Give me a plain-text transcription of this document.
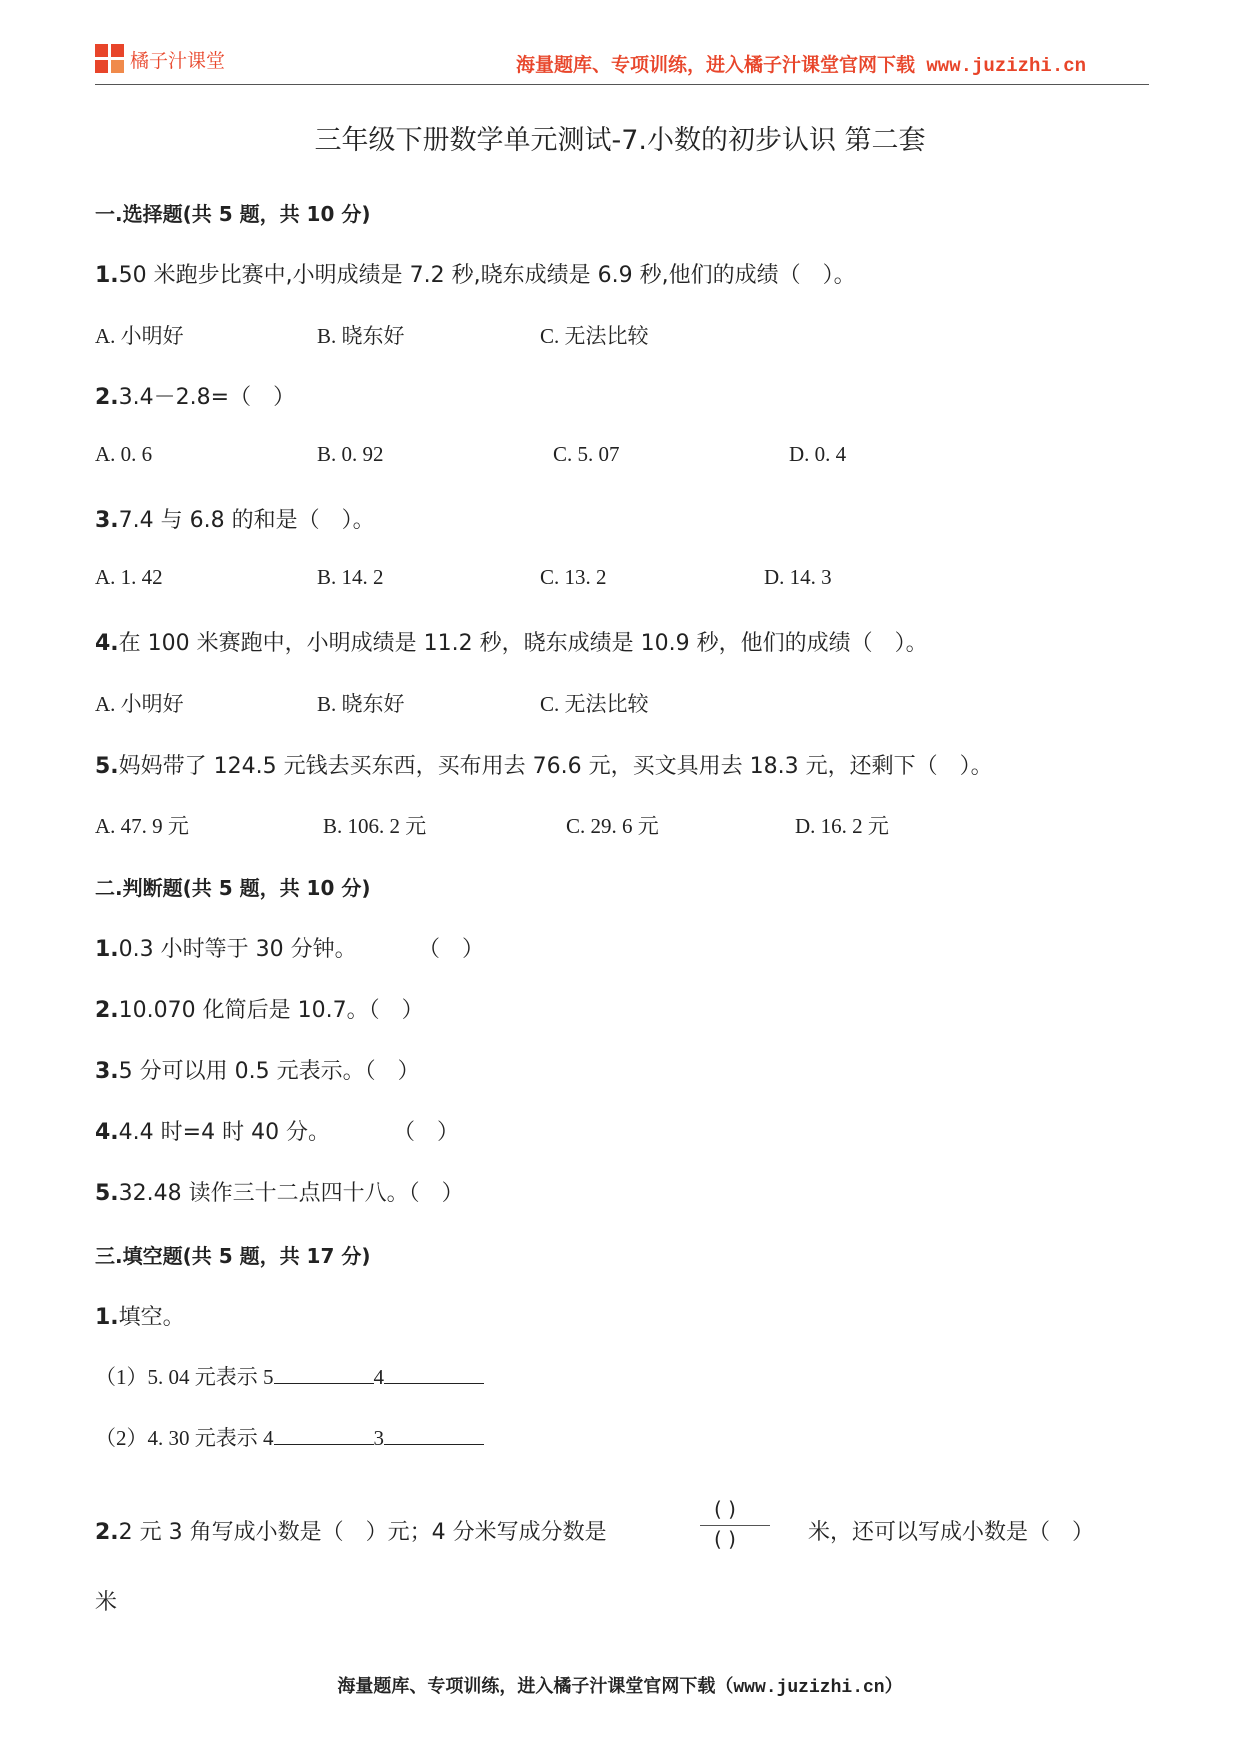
橘子汁课堂	海量题库、专项训练，进入橘子汁课堂官网下载 www.juzizhi.cn
三年级下册数学单元测试-7.小数的初步认识 第二套
一.选择题(共 5 题，共 10 分)
1.50 米跑步比赛中,小明成绩是 7.2 秒,晓东成绩是 6.9 秒,他们的成绩（　）。
A. 小明好	B. 晓东好	C. 无法比较
2.3.4－2.8=（　）
A. 0. 6	B. 0. 92	C. 5. 07	D. 0. 4
3.7.4 与 6.8 的和是（　）。
A. 1. 42	B. 14. 2	C. 13. 2	D. 14. 3
4.在 100 米赛跑中，小明成绩是 11.2 秒，晓东成绩是 10.9 秒，他们的成绩（　）。
A. 小明好	B. 晓东好	C. 无法比较
5.妈妈带了 124.5 元钱去买东西，买布用去 76.6 元，买文具用去 18.3 元，还剩下（　）。
A. 47. 9 元	B. 106. 2 元	C. 29. 6 元	D. 16. 2 元
二.判断题(共 5 题，共 10 分)
1.0.3 小时等于 30 分钟。	（　）
2.10.070 化简后是 10.7。（　）
3.5 分可以用 0.5 元表示。（　）
4.4.4 时=4 时 40 分。	（　）
5.32.48 读作三十二点四十八。（　）
三.填空题(共 5 题，共 17 分)
1.填空。
（1）5. 04 元表示 5	4
（2）4. 30 元表示 4	3
2.2 元 3 角写成小数是（　）元；4 分米写成分数是
( )
( )	米，还可以写成小数是（　）
米
海量题库、专项训练，进入橘子汁课堂官网下载（www.juzizhi.cn）
